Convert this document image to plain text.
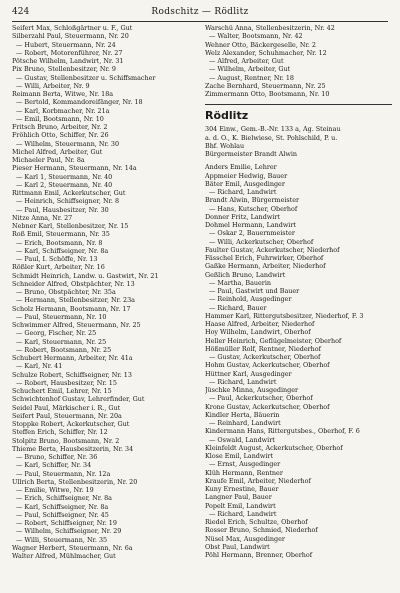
424	Rodschitz — Rödlitz
Seifert Max, Schloßgärtner u. F., Gut
Silberzahl Paul, Steuermann, Nr. 20
— Hubert, Steuermann, Nr. 24
— Robert, Motorenführer, Nr. 27
Pötsche Wilhelm, Landwirt, Nr. 31
Pix Bruno, Stellenbesitzer, Nr. 9
— Gustav, Stellenbesitzer u. Schiffsmacher
— Willi, Arbeiter, Nr. 9
Reimann Berta, Witwe, Nr. 18a
— Bertold, Kommandoreifänger, Nr. 18
— Karl, Korbmacher, Nr. 21a
— Emil, Bootsmann, Nr. 10
Fritsch Bruno, Arbeiter, Nr. 2
Fröhlich Otto, Schiffer, Nr. 26
— Wilhelm, Steuermann, Nr. 30
Michel Alfred, Arbeiter, Gut
Michaeler Paul, Nr. 8a
Pieser Hermann, Steuermann, Nr. 14a
— Karl 1, Steuermann, Nr. 40
— Karl 2, Steuermann, Nr. 40
Rittmann Emil, Ackerkutscher, Gut
— Heinrich, Schiffseigner, Nr. 8
— Paul, Hausbesitzer, Nr. 30
Nitze Anna, Nr. 27
Nebner Karl, Stellenbesitzer, Nr. 15
Roß Emil, Steuermann, Nr. 35
— Erich, Bootsmann, Nr. 8
— Karl, Schiffseigner, Nr. 8a
— Paul, I. Schöffe, Nr. 13
Rößler Kurt, Arbeiter, Nr. 16
Schmidt Heinrich, Landw. u. Gastwirt, Nr. 21
Schneider Alfred, Obstpächter, Nr. 13
— Bruno, Obstpächter, Nr. 35a
— Hermann, Stellenbesitzer, Nr. 23a
Scholz Hermann, Bootsmann, Nr. 17
— Paul, Steuermann, Nr. 10
Schwimmer Alfred, Steuermann, Nr. 25
— Georg, Fischer, Nr. 25
— Karl, Steuermann, Nr. 25
— Robert, Bootsmann, Nr. 25
Schubert Hermann, Arbeiter, Nr. 41a
— Karl, Nr. 41
Schulze Robert, Schiffseigner, Nr. 13
— Robert, Hausbesitzer, Nr. 15
Schuchert Emil, Lehrer, Nr. 15
Schwichtenhof Gustav, Lehrerfinder, Gut
Seidel Paul, Märkischer i. R., Gut
Seifert Paul, Steuermann, Nr. 20a
Stoppke Robert, Ackerkutscher, Gut
Steffen Erich, Schiffer, Nr. 12
Stolpitz Bruno, Bootsmann, Nr. 2
Thieme Berta, Hausbesitzerin, Nr. 34
— Bruno, Schiffer, Nr. 36
— Karl, Schiffer, Nr. 34
— Paul, Steuermann, Nr. 12a
Ullrich Berta, Stellenbesitzerin, Nr. 20
— Emilie, Witwe, Nr. 19
— Erich, Schiffseigner, Nr. 8a
— Karl, Schiffseigner, Nr. 8a
— Paul, Schiffseigner, Nr. 45
— Robert, Schiffseigner, Nr. 19
— Wilhelm, Schiffseigner, Nr. 29
— Willi, Steuermann, Nr. 35
Wagner Herbert, Steuermann, Nr. 6a
Walter Alfred, Mühlmacher, Gut
Warschü Anna, Stellenbesitzerin, Nr. 42
— Walter, Bootsmann, Nr. 42
Wehner Otto, Bäckergeselle, Nr. 2
Welz Alexander, Schuhmacher, Nr. 12
— Alfred, Arbeiter, Gut
— Wilhelm, Arbeiter, Gut
— August, Rentner, Nr. 18
Zache Bernhard, Steuermann, Nr. 25
Zimmermann Otto, Bootsmann, Nr. 10
Rödlitz
304 Einw., Gem.-B.-Nr. 133 a, Ag. Steinau
a. d. O., K. Bielwiese, St. Pohlschild, P. u.
Bhf. Wohlau
Bürgermeister Brandt Alwin
Anders Emilie, Lehrer
Appmeier Hedwig, Bauer
Bäter Emil, Ausgedinger
— Richard, Landwirt
Brandt Alwin, Bürgermeister
— Hans, Kutscher, Oberhof
Donner Fritz, Landwirt
Dohmel Hermann, Landwirt
— Oskar 2, Bauernmeister
— Willi, Ackerkutscher, Oberhof
Faulter Gustav, Ackerkutscher, Niederhof
Fässchel Erich, Fuhrwirker, Oberhof
Gaßke Hermann, Arbeiter, Niederhof
Geßlich Bruno, Landwirt
— Martha, Bauerin
— Paul, Gastwirt und Bauer
— Reinhold, Ausgedinger
— Richard, Bauer
Hammer Karl, Rittergutsbesitzer, Niederhof, F. 3
Haase Alfred, Arbeiter, Niederhof
Hoy Wilhelm, Landwirt, Oberhof
Heller Heinrich, Geflügelmeister, Oberhof
Hößmüller Rolf, Rentner, Niederhof
— Gustav, Ackerkutscher, Oberhof
Hohm Gustav, Ackerkutscher, Oberhof
Hüttner Karl, Ausgedinger
— Richard, Landwirt
Jüschke Minna, Ausgedinger
— Paul, Ackerkutscher, Oberhof
Krone Gustav, Ackerkutscher, Oberhof
Kindler Herta, Bäuerin
— Reinhard, Landwirt
Kindermann Hans, Rittergutsbes., Oberhof, F. 6
— Oswald, Landwirt
Kleinfeldt August, Ackerkutscher, Oberhof
Klose Emil, Landwirt
— Ernst, Ausgedinger
Klüh Hermann, Rentner
Kraufe Emil, Arbeiter, Niederhof
Kuny Ernestine, Bauer
Langner Paul, Bauer
Popelt Emil, Landwirt
— Richard, Landwirt
Riedel Erich, Schultze, Oberhof
Rosser Bruno, Schmied, Niederhof
Nüsel Max, Ausgedinger
Obst Paul, Landwirt
Pöhl Hermann, Brenner, Oberhof
